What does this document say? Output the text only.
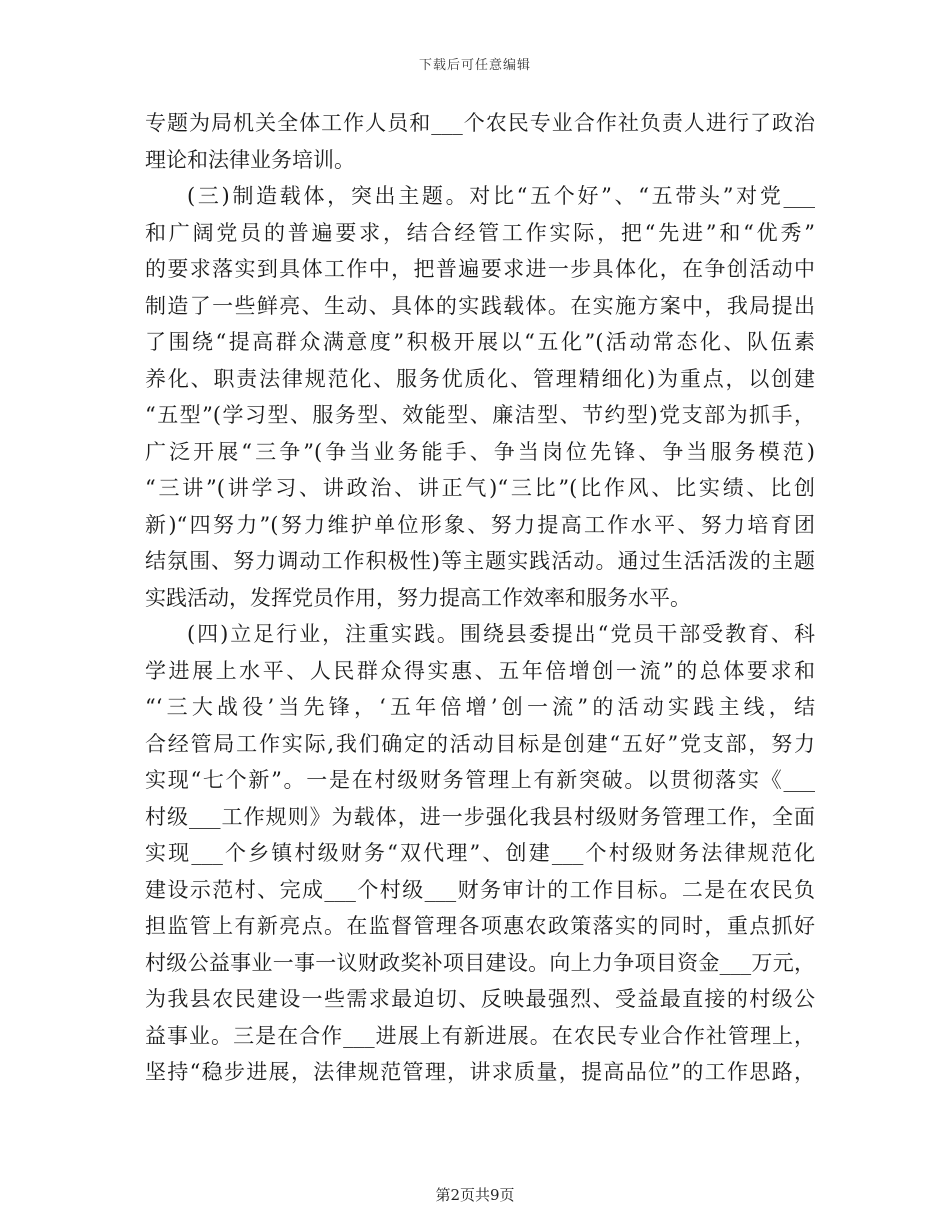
下载后可任意编辑
专题为局机关全体工作人员和___个农民专业合作社负责人进行了政治
理论和法律业务培训。
(三)制造载体，突出主题。对比“五个好”、“五带头”对党___
和广阔党员的普遍要求，结合经管工作实际，把“先进”和“优秀”
的要求落实到具体工作中，把普遍要求进一步具体化，在争创活动中
制造了一些鲜亮、生动、具体的实践载体。在实施方案中，我局提出
了围绕“提高群众满意度”积极开展以“五化”(活动常态化、队伍素
养化、职责法律规范化、服务优质化、管理精细化)为重点，以创建
“五型”(学习型、服务型、效能型、廉洁型、节约型)党支部为抓手，
广泛开展“三争”(争当业务能手、争当岗位先锋、争当服务模范)
“三讲”(讲学习、讲政治、讲正气)“三比”(比作风、比实绩、比创
新)“四努力”(努力维护单位形象、努力提高工作水平、努力培育团
结氛围、努力调动工作积极性)等主题实践活动。通过生活活泼的主题
实践活动，发挥党员作用，努力提高工作效率和服务水平。
(四)立足行业，注重实践。围绕县委提出“党员干部受教育、科
学进展上水平、人民群众得实惠、五年倍增创一流”的总体要求和
“‘三大战役’当先锋，‘五年倍增’创一流”的活动实践主线，结
合经管局工作实际,我们确定的活动目标是创建“五好”党支部，努力
实现“七个新”。一是在村级财务管理上有新突破。以贯彻落实《___
村级___工作规则》为载体，进一步强化我县村级财务管理工作，全面
实现___个乡镇村级财务“双代理”、创建___个村级财务法律规范化
建设示范村、完成___个村级___财务审计的工作目标。二是在农民负
担监管上有新亮点。在监督管理各项惠农政策落实的同时，重点抓好
村级公益事业一事一议财政奖补项目建设。向上力争项目资金___万元，
为我县农民建设一些需求最迫切、反映最强烈、受益最直接的村级公
益事业。三是在合作___进展上有新进展。在农民专业合作社管理上，
坚持“稳步进展，法律规范管理，讲求质量，提高品位”的工作思路，
第2页共9页
